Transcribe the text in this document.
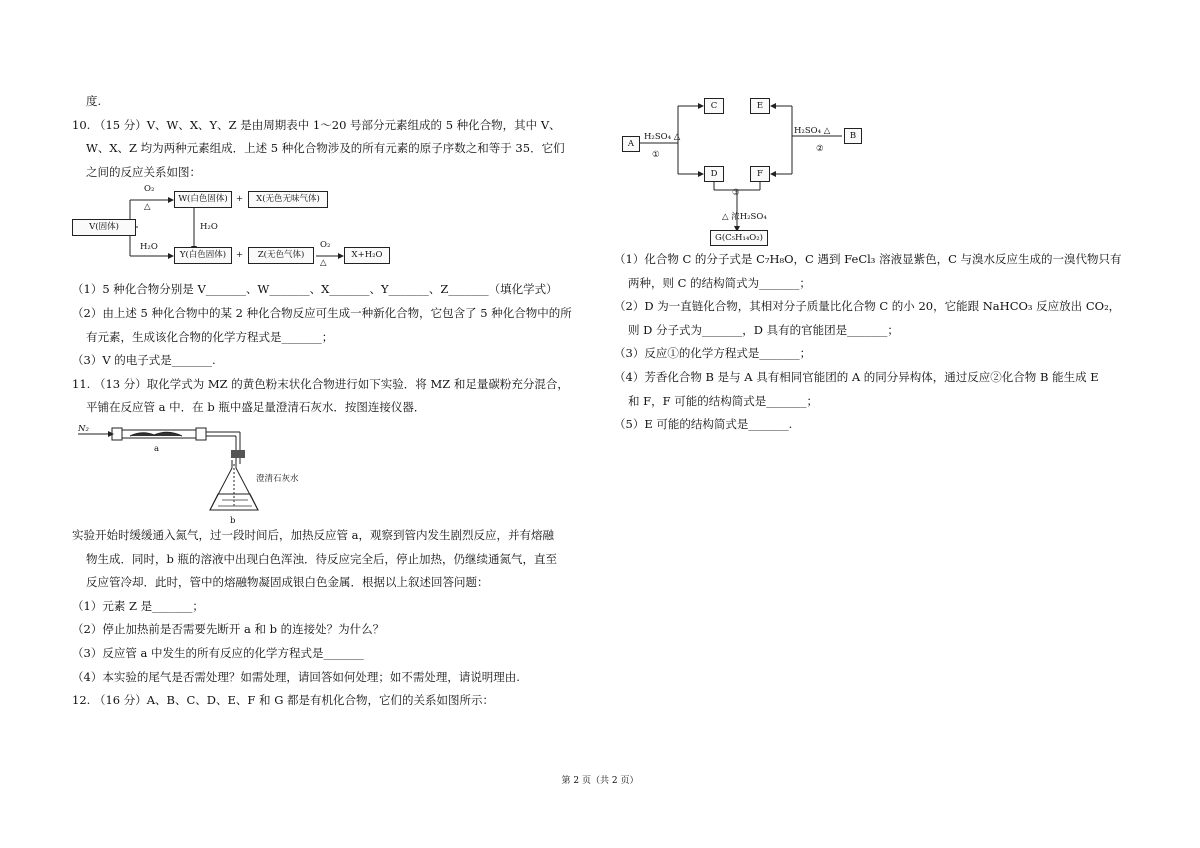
度.
10. （15 分）V、W、X、Y、Z 是由周期表中 1～20 号部分元素组成的 5 种化合物，其中 V、
W、X、Z 均为两种元素组成．上述 5 种化合物涉及的所有元素的原子序数之和等于 35．它们
之间的反应关系如图：
V(固体)
W(白色固体) +	X(无色无味气体)
O₂
△
H₂O
H₂O
Y(白色固体)	+	Z(无色气体)
O₂
△
X+H₂O
（1）5 种化合物分别是 V_______、W_______、X_______、Y_______、Z_______（填化学式）
（2）由上述 5 种化合物中的某 2 种化合物反应可生成一种新化合物，它包含了 5 种化合物中的所
有元素，生成该化合物的化学方程式是_______；
（3）V 的电子式是_______.
11. （13 分）取化学式为 MZ 的黄色粉末状化合物进行如下实验．将 MZ 和足量碳粉充分混合，
平铺在反应管 a 中．在 b 瓶中盛足量澄清石灰水．按图连接仪器．
N₂
a
澄清石灰水
b
实验开始时缓缓通入氮气，过一段时间后，加热反应管 a，观察到管内发生剧烈反应，并有熔融
物生成．同时，b 瓶的溶液中出现白色浑浊．待反应完全后，停止加热，仍继续通氮气，直至
反应管冷却．此时，管中的熔融物凝固成银白色金属．根据以上叙述回答问题：
（1）元素 Z 是_______；
（2）停止加热前是否需要先断开 a 和 b 的连接处？为什么？
（3）反应管 a 中发生的所有反应的化学方程式是_______
（4）本实验的尾气是否需处理？如需处理，请回答如何处理；如不需处理，请说明理由.
12. （16 分）A、B、C、D、E、F 和 G 都是有机化合物，它们的关系如图所示：
A
H₂SO₄ △
①
C	E
D	F
H₂SO₄ △
②
B
③
△ 浓H₂SO₄
G(C₅H₁₄O₂)
（1）化合物 C 的分子式是 C₇H₈O，C 遇到 FeCl₃ 溶液显紫色，C 与溴水反应生成的一溴代物只有
两种，则 C 的结构简式为_______；
（2）D 为一直链化合物，其相对分子质量比化合物 C 的小 20，它能跟 NaHCO₃ 反应放出 CO₂，
则 D 分子式为_______，D 具有的官能团是_______；
（3）反应①的化学方程式是_______；
（4）芳香化合物 B 是与 A 具有相同官能团的 A 的同分异构体，通过反应②化合物 B 能生成 E
和 F，F 可能的结构简式是_______；
（5）E 可能的结构简式是_______.
第 2 页（共 2 页）
